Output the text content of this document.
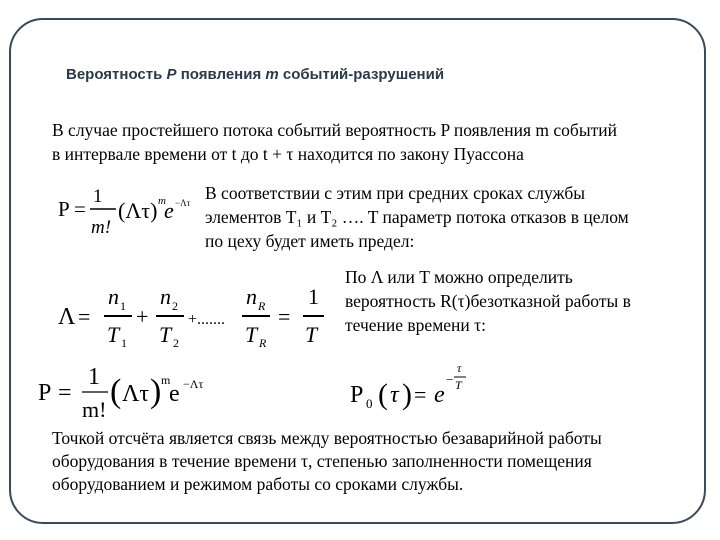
Вероятность P появления m событий-разрушений
В случае простейшего потока событий вероятность P появления m событий
в интервале времени от t до t + τ находится по закону Пуассона
P =
1
m!
(Λτ) m
e −Λτ В соответствии с этим при средних сроках службы
элементов T₁ и T₂ …. T параметр потока отказов в целом
по цеху будет иметь предел:
Λ =
n 1
T 1
+
n 2
T 2
+.......
n R
T R
=
1
T
По Λ или T можно определить
вероятность R(τ)безотказной работы в
течение времени τ:
P =
1
m! ( Λτ ) m
e −Λτ	P 0 ( τ ) = e
−
τ
T
Точкой отсчёта является связь между вероятностью безаварийной работы
оборудования в течение времени τ, степенью заполненности помещения
оборудованием и режимом работы со сроками службы.
